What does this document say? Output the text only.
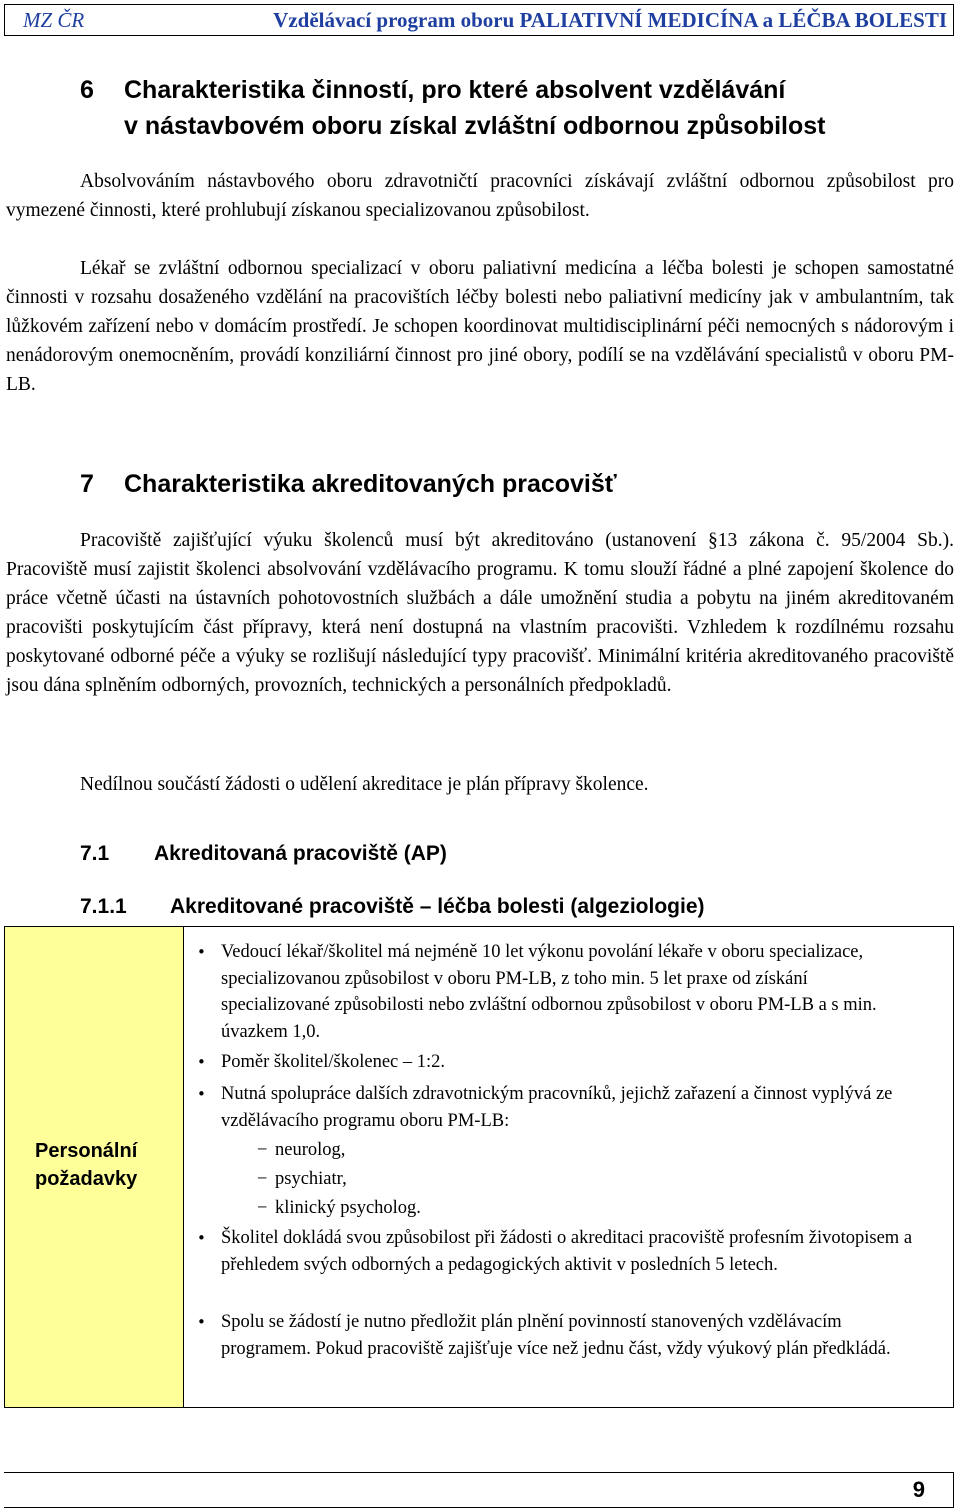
MZ ČR	Vzdělávací program oboru PALIATIVNÍ MEDICÍNA a LÉČBA BOLESTI
6 Charakteristika činností, pro které absolvent vzdělávání
v nástavbovém oboru získal zvláštní odbornou způsobilost
Absolvováním nástavbového oboru zdravotničtí pracovníci získávají zvláštní odbornou způsobilost pro vymezené činnosti, které prohlubují získanou specializovanou způsobilost.
Lékař se zvláštní odbornou specializací v oboru paliativní medicína a léčba bolesti je schopen samostatné činnosti v rozsahu dosaženého vzdělání na pracovištích léčby bolesti nebo paliativní medicíny jak v ambulantním, tak lůžkovém zařízení nebo v domácím prostředí. Je schopen koordinovat multidisciplinární péči nemocných s nádorovým i nenádorovým onemocněním, provádí konziliární činnost pro jiné obory, podílí se na vzdělávání specialistů v oboru PM-LB.
7 Charakteristika akreditovaných pracovišť
Pracoviště zajišťující výuku školenců musí být akreditováno (ustanovení §13 zákona č. 95/2004 Sb.). Pracoviště musí zajistit školenci absolvování vzdělávacího programu. K tomu slouží řádné a plné zapojení školence do práce včetně účasti na ústavních pohotovostních službách a dále umožnění studia a pobytu na jiném akreditovaném pracovišti poskytujícím část přípravy, která není dostupná na vlastním pracovišti. Vzhledem k rozdílnému rozsahu poskytované odborné péče a výuky se rozlišují následující typy pracovišť. Minimální kritéria akreditovaného pracoviště jsou dána splněním odborných, provozních, technických a personálních předpokladů.
Nedílnou součástí žádosti o udělení akreditace je plán přípravy školence.
7.1 Akreditovaná pracoviště (AP)
7.1.1 Akreditované pracoviště – léčba bolesti (algeziologie)
Personální
požadavky
• Vedoucí lékař/školitel má nejméně 10 let výkonu povolání lékaře v oboru specializace, specializovanou způsobilost v oboru PM-LB, z toho min. 5 let praxe od získání specializované způsobilosti nebo zvláštní odbornou způsobilost v oboru PM-LB a s min. úvazkem 1,0.
• Poměr školitel/školenec – 1:2.
• Nutná spolupráce dalších zdravotnickým pracovníků, jejichž zařazení a činnost vyplývá ze vzdělávacího programu oboru PM-LB:
− neurolog,
− psychiatr,
− klinický psycholog.
• Školitel dokládá svou způsobilost při žádosti o akreditaci pracoviště profesním životopisem a přehledem svých odborných a pedagogických aktivit v posledních 5 letech.
• Spolu se žádostí je nutno předložit plán plnění povinností stanovených vzdělávacím programem. Pokud pracoviště zajišťuje více než jednu část, vždy výukový plán předkládá.
9
